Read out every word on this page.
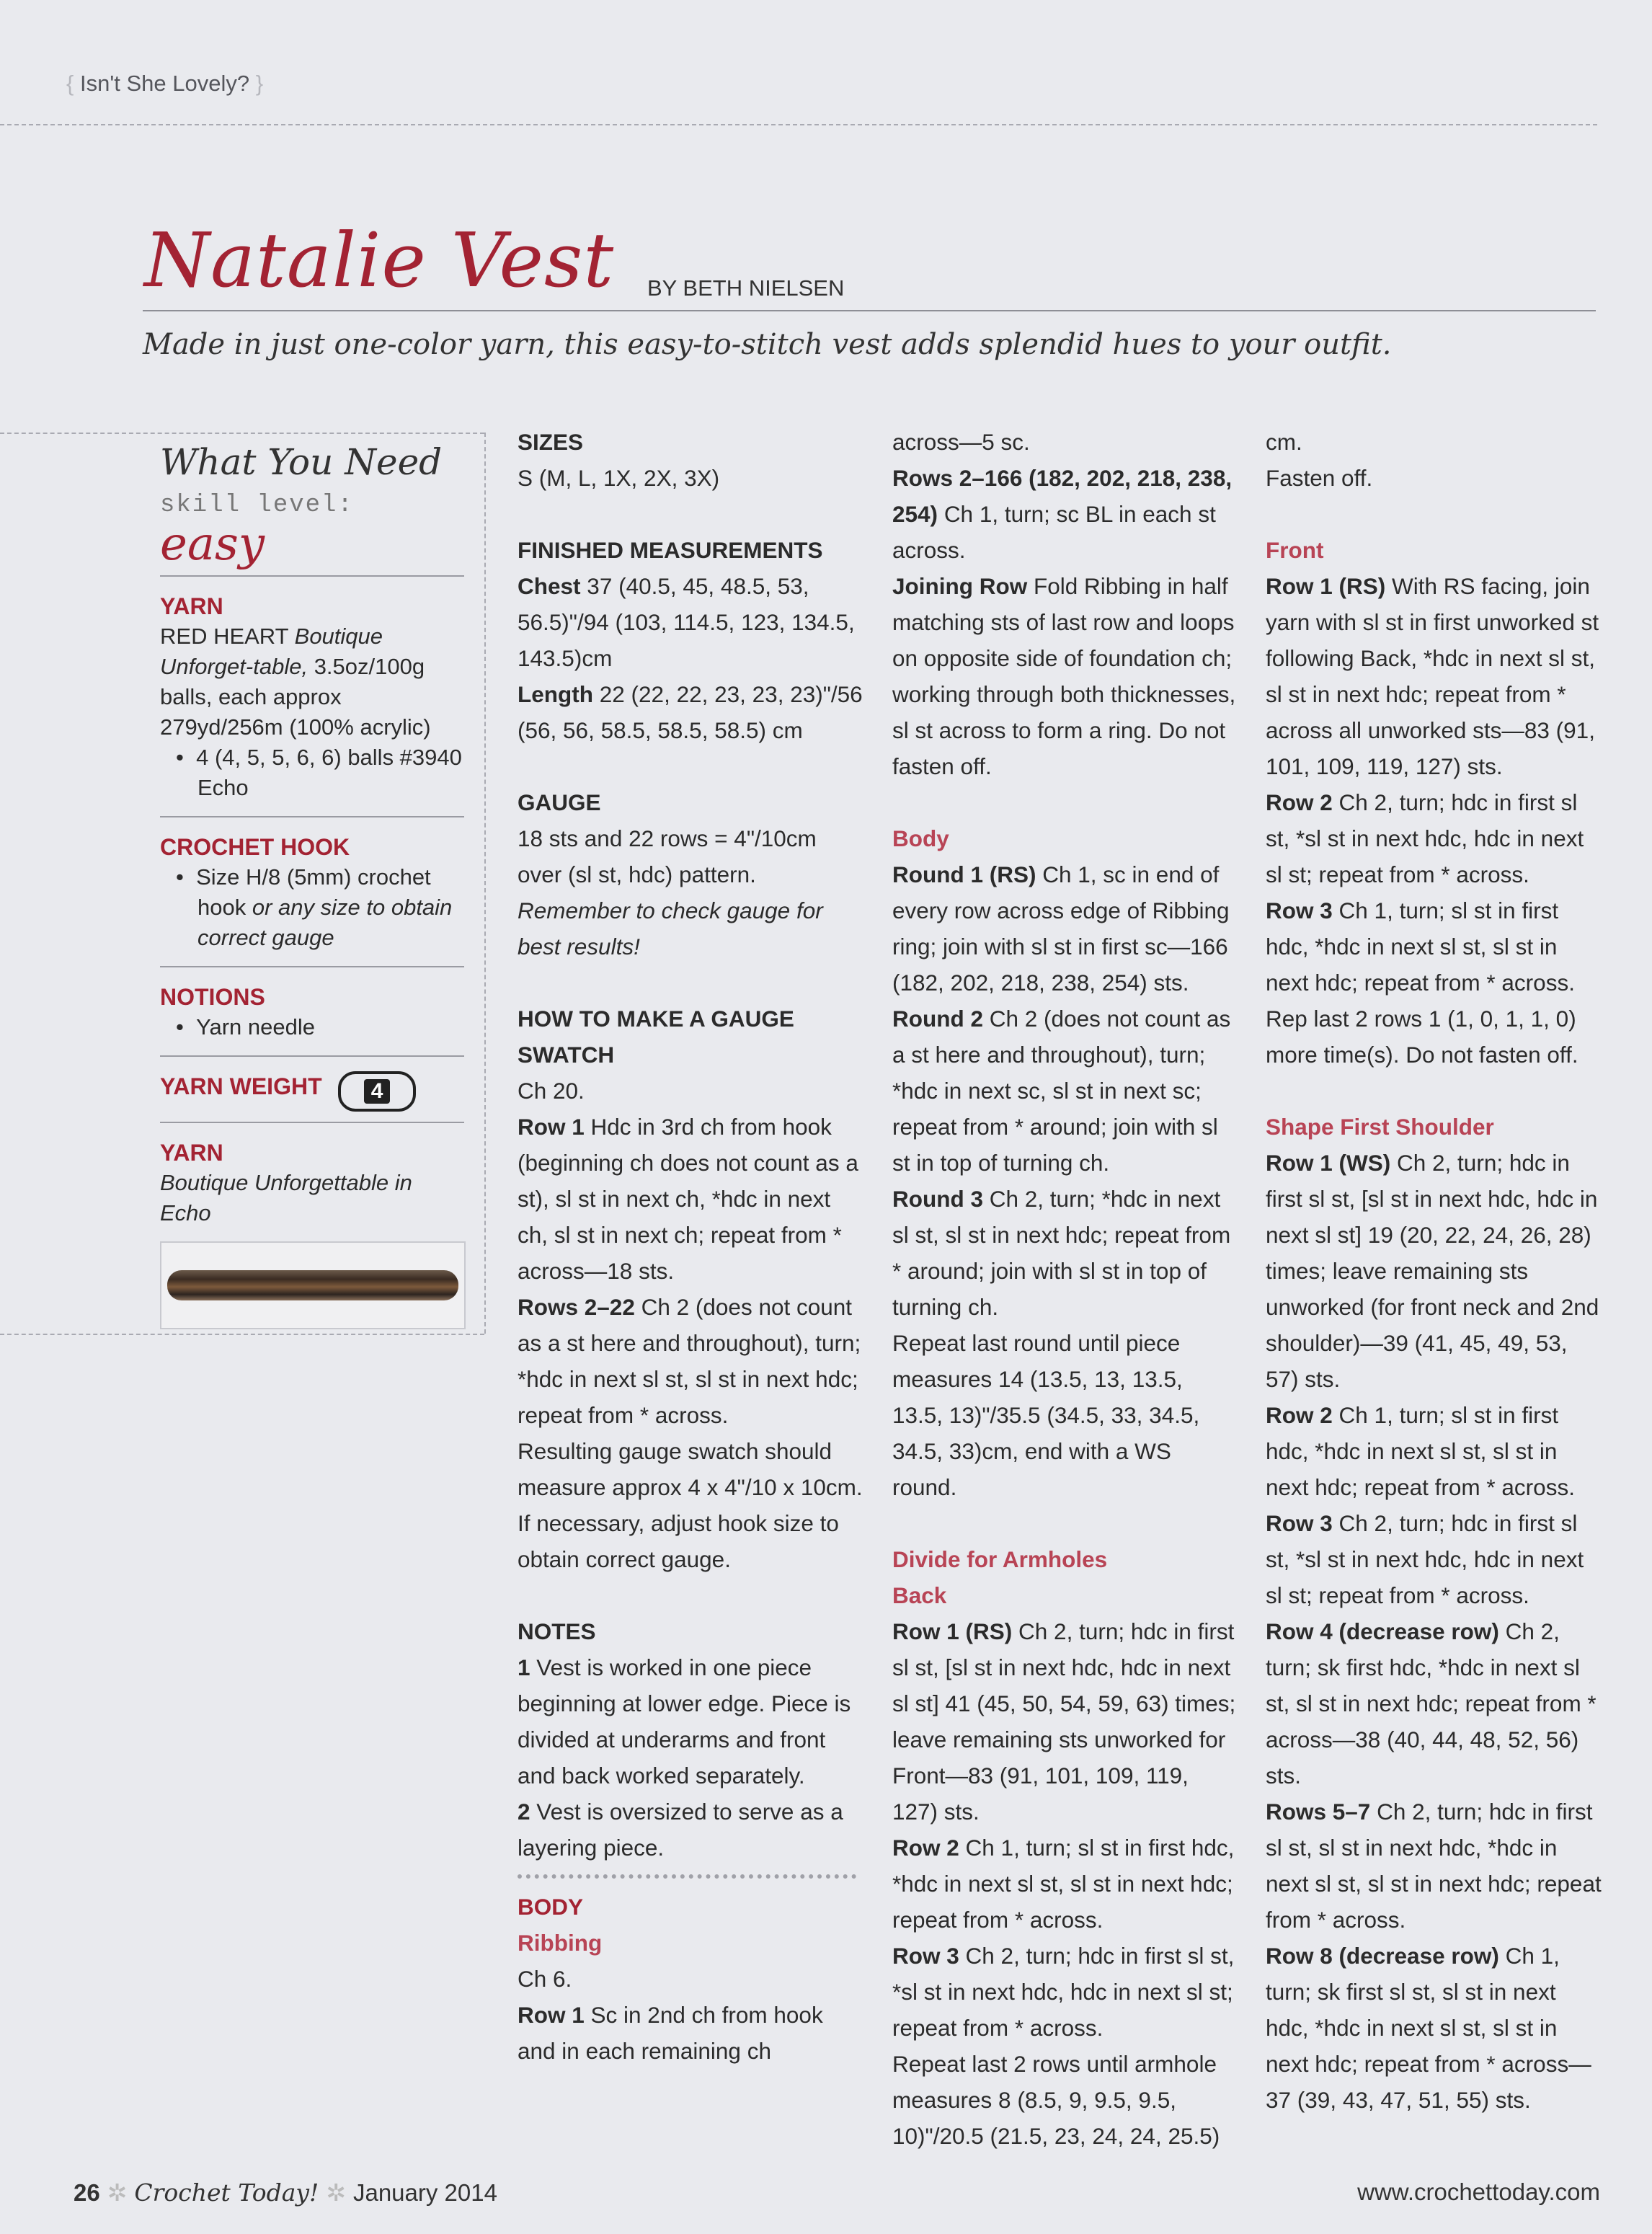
{ Isn't She Lovely? }
Natalie Vest BY BETH NIELSEN
Made in just one-color yarn, this easy-to-stitch vest adds splendid hues to your outfit.
What You Need
skill level:
easy
YARN
RED HEART Boutique Unforget-table, 3.5oz/100g balls, each approx 279yd/256m (100% acrylic)
•  4 (4, 5, 5, 6, 6) balls #3940 Echo
CROCHET HOOK
•  Size H/8 (5mm) crochet hook or any size to obtain correct gauge
NOTIONS
•  Yarn needle
YARN WEIGHT 4
YARN
Boutique Unforgettable in Echo
SIZES
S (M, L, 1X, 2X, 3X)
FINISHED MEASUREMENTS
Chest 37 (40.5, 45, 48.5, 53, 56.5)"/94 (103, 114.5, 123, 134.5, 143.5)cm
Length 22 (22, 22, 23, 23, 23)"/56 (56, 56, 58.5, 58.5, 58.5) cm
GAUGE
18 sts and 22 rows = 4"/10cm over (sl st, hdc) pattern.
Remember to check gauge for best results!
HOW TO MAKE A GAUGE SWATCH
Ch 20.
Row 1 Hdc in 3rd ch from hook (beginning ch does not count as a st), sl st in next ch, *hdc in next ch, sl st in next ch; repeat from * across—18 sts.
Rows 2–22 Ch 2 (does not count as a st here and throughout), turn; *hdc in next sl st, sl st in next hdc; repeat from * across.
Resulting gauge swatch should measure approx 4 x 4"/10 x 10cm. If necessary, adjust hook size to obtain correct gauge.
NOTES
1 Vest is worked in one piece beginning at lower edge. Piece is divided at underarms and front and back worked separately.
2 Vest is oversized to serve as a layering piece.
BODY
Ribbing
Ch 6.
Row 1 Sc in 2nd ch from hook and in each remaining ch
across—5 sc.
Rows 2–166 (182, 202, 218, 238, 254) Ch 1, turn; sc BL in each st across.
Joining Row Fold Ribbing in half matching sts of last row and loops on opposite side of foundation ch; working through both thicknesses, sl st across to form a ring. Do not fasten off.
Body
Round 1 (RS) Ch 1, sc in end of every row across edge of Ribbing ring; join with sl st in first sc—166 (182, 202, 218, 238, 254) sts.
Round 2 Ch 2 (does not count as a st here and throughout), turn; *hdc in next sc, sl st in next sc; repeat from * around; join with sl st in top of turning ch.
Round 3 Ch 2, turn; *hdc in next sl st, sl st in next hdc; repeat from * around; join with sl st in top of turning ch.
Repeat last round until piece measures 14 (13.5, 13, 13.5, 13.5, 13)"/35.5 (34.5, 33, 34.5, 34.5, 33)cm, end with a WS round.
Divide for Armholes
Back
Row 1 (RS) Ch 2, turn; hdc in first sl st, [sl st in next hdc, hdc in next sl st] 41 (45, 50, 54, 59, 63) times; leave remaining sts unworked for Front—83 (91, 101, 109, 119, 127) sts.
Row 2 Ch 1, turn; sl st in first hdc, *hdc in next sl st, sl st in next hdc; repeat from * across.
Row 3 Ch 2, turn; hdc in first sl st, *sl st in next hdc, hdc in next sl st; repeat from * across.
Repeat last 2 rows until armhole measures 8 (8.5, 9, 9.5, 9.5, 10)"/20.5 (21.5, 23, 24, 24, 25.5)
cm.
Fasten off.
Front
Row 1 (RS) With RS facing, join yarn with sl st in first unworked st following Back, *hdc in next sl st, sl st in next hdc; repeat from * across all unworked sts—83 (91, 101, 109, 119, 127) sts.
Row 2 Ch 2, turn; hdc in first sl st, *sl st in next hdc, hdc in next sl st; repeat from * across.
Row 3 Ch 1, turn; sl st in first hdc, *hdc in next sl st, sl st in next hdc; repeat from * across.
Rep last 2 rows 1 (1, 0, 1, 1, 0) more time(s). Do not fasten off.
Shape First Shoulder
Row 1 (WS) Ch 2, turn; hdc in first sl st, [sl st in next hdc, hdc in next sl st] 19 (20, 22, 24, 26, 28) times; leave remaining sts unworked (for front neck and 2nd shoulder)—39 (41, 45, 49, 53, 57) sts.
Row 2 Ch 1, turn; sl st in first hdc, *hdc in next sl st, sl st in next hdc; repeat from * across.
Row 3 Ch 2, turn; hdc in first sl st, *sl st in next hdc, hdc in next sl st; repeat from * across.
Row 4 (decrease row) Ch 2, turn; sk first hdc, *hdc in next sl st, sl st in next hdc; repeat from * across—38 (40, 44, 48, 52, 56) sts.
Rows 5–7 Ch 2, turn; hdc in first sl st, sl st in next hdc, *hdc in next sl st, sl st in next hdc; repeat from * across.
Row 8 (decrease row) Ch 1, turn; sk first sl st, sl st in next hdc, *hdc in next sl st, sl st in next hdc; repeat from * across—37 (39, 43, 47, 51, 55) sts.
26 ✲ Crochet Today! ✲ January 2014	www.crochettoday.com
